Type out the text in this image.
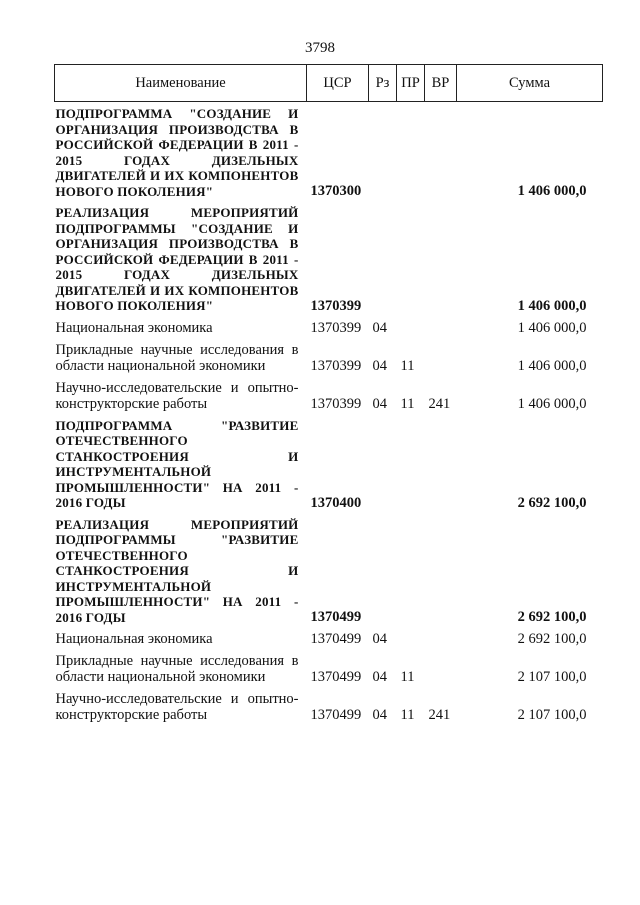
3798
Наименование	ЦСР	Рз	ПР	ВР	Сумма
ПОДПРОГРАММА "СОЗДАНИЕ И ОРГАНИЗАЦИЯ ПРОИЗВОДСТВА В РОССИЙСКОЙ ФЕДЕРАЦИИ В 2011 - 2015 ГОДАХ ДИЗЕЛЬНЫХ ДВИГАТЕЛЕЙ И ИХ КОМПОНЕНТОВ НОВОГО ПОКОЛЕНИЯ"	1370300				1 406 000,0
РЕАЛИЗАЦИЯ МЕРОПРИЯТИЙ ПОДПРОГРАММЫ "СОЗДАНИЕ И ОРГАНИЗАЦИЯ ПРОИЗВОДСТВА В РОССИЙСКОЙ ФЕДЕРАЦИИ В 2011 - 2015 ГОДАХ ДИЗЕЛЬНЫХ ДВИГАТЕЛЕЙ И ИХ КОМПОНЕНТОВ НОВОГО ПОКОЛЕНИЯ"	1370399				1 406 000,0
Национальная экономика	1370399	04			1 406 000,0
Прикладные научные исследования в области национальной экономики	1370399	04	11		1 406 000,0
Научно-исследовательские и опытно-конструкторские работы	1370399	04	11	241	1 406 000,0
ПОДПРОГРАММА "РАЗВИТИЕ ОТЕЧЕСТВЕННОГО СТАНКОСТРОЕНИЯ И ИНСТРУМЕНТАЛЬНОЙ ПРОМЫШЛЕННОСТИ" НА 2011 - 2016 ГОДЫ	1370400				2 692 100,0
РЕАЛИЗАЦИЯ МЕРОПРИЯТИЙ ПОДПРОГРАММЫ "РАЗВИТИЕ ОТЕЧЕСТВЕННОГО СТАНКОСТРОЕНИЯ И ИНСТРУМЕНТАЛЬНОЙ ПРОМЫШЛЕННОСТИ" НА 2011 - 2016 ГОДЫ	1370499				2 692 100,0
Национальная экономика	1370499	04			2 692 100,0
Прикладные научные исследования в области национальной экономики	1370499	04	11		2 107 100,0
Научно-исследовательские и опытно-конструкторские работы	1370499	04	11	241	2 107 100,0
